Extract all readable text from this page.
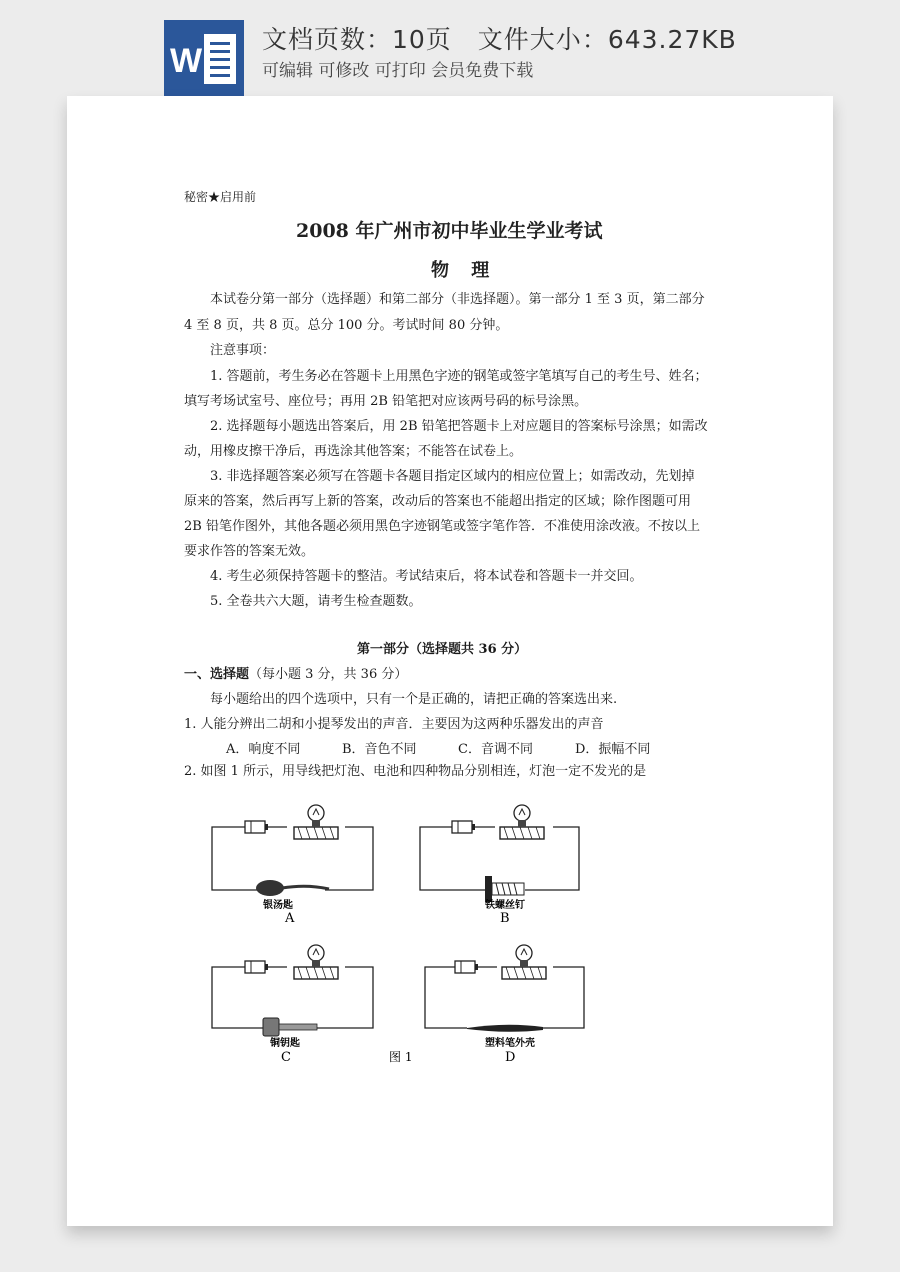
W
文档页数：10页　文件大小：643.27KB
可编辑 可修改 可打印 会员免费下载
秘密★启用前
2008 年广州市初中毕业生学业考试
物 理
本试卷分第一部分（选择题）和第二部分（非选择题）。第一部分 1 至 3 页，第二部分
4 至 8 页，共 8 页。总分 100 分。考试时间 80 分钟。
注意事项：
1. 答题前，考生务必在答题卡上用黑色字迹的钢笔或签字笔填写自己的考生号、姓名；
填写考场试室号、座位号；再用 2B 铅笔把对应该两号码的标号涂黑。
2. 选择题每小题选出答案后，用 2B 铅笔把答题卡上对应题目的答案标号涂黑；如需改
动，用橡皮擦干净后，再选涂其他答案；不能答在试卷上。
3. 非选择题答案必须写在答题卡各题目指定区域内的相应位置上；如需改动，先划掉
原来的答案，然后再写上新的答案，改动后的答案也不能超出指定的区域；除作图题可用
2B 铅笔作图外，其他各题必须用黑色字迹钢笔或签字笔作答．不准使用涂改液。不按以上
要求作答的答案无效。
4. 考生必须保持答题卡的整洁。考试结束后，将本试卷和答题卡一并交回。
5. 全卷共六大题，请考生检查题数。
第一部分（选择题共 36 分）
一、选择题（每小题 3 分，共 36 分）
每小题给出的四个选项中，只有一个是正确的，请把正确的答案选出来.
1. 人能分辨出二胡和小提琴发出的声音．主要因为这两种乐器发出的声音
A．响度不同	B．音色不同	C．音调不同	D．振幅不同
2. 如图 1 所示，用导线把灯泡、电池和四种物品分别相连，灯泡一定不发光的是
银汤匙
A
铁螺丝钉
B
铜钥匙
C
塑料笔外壳
D
图 1
